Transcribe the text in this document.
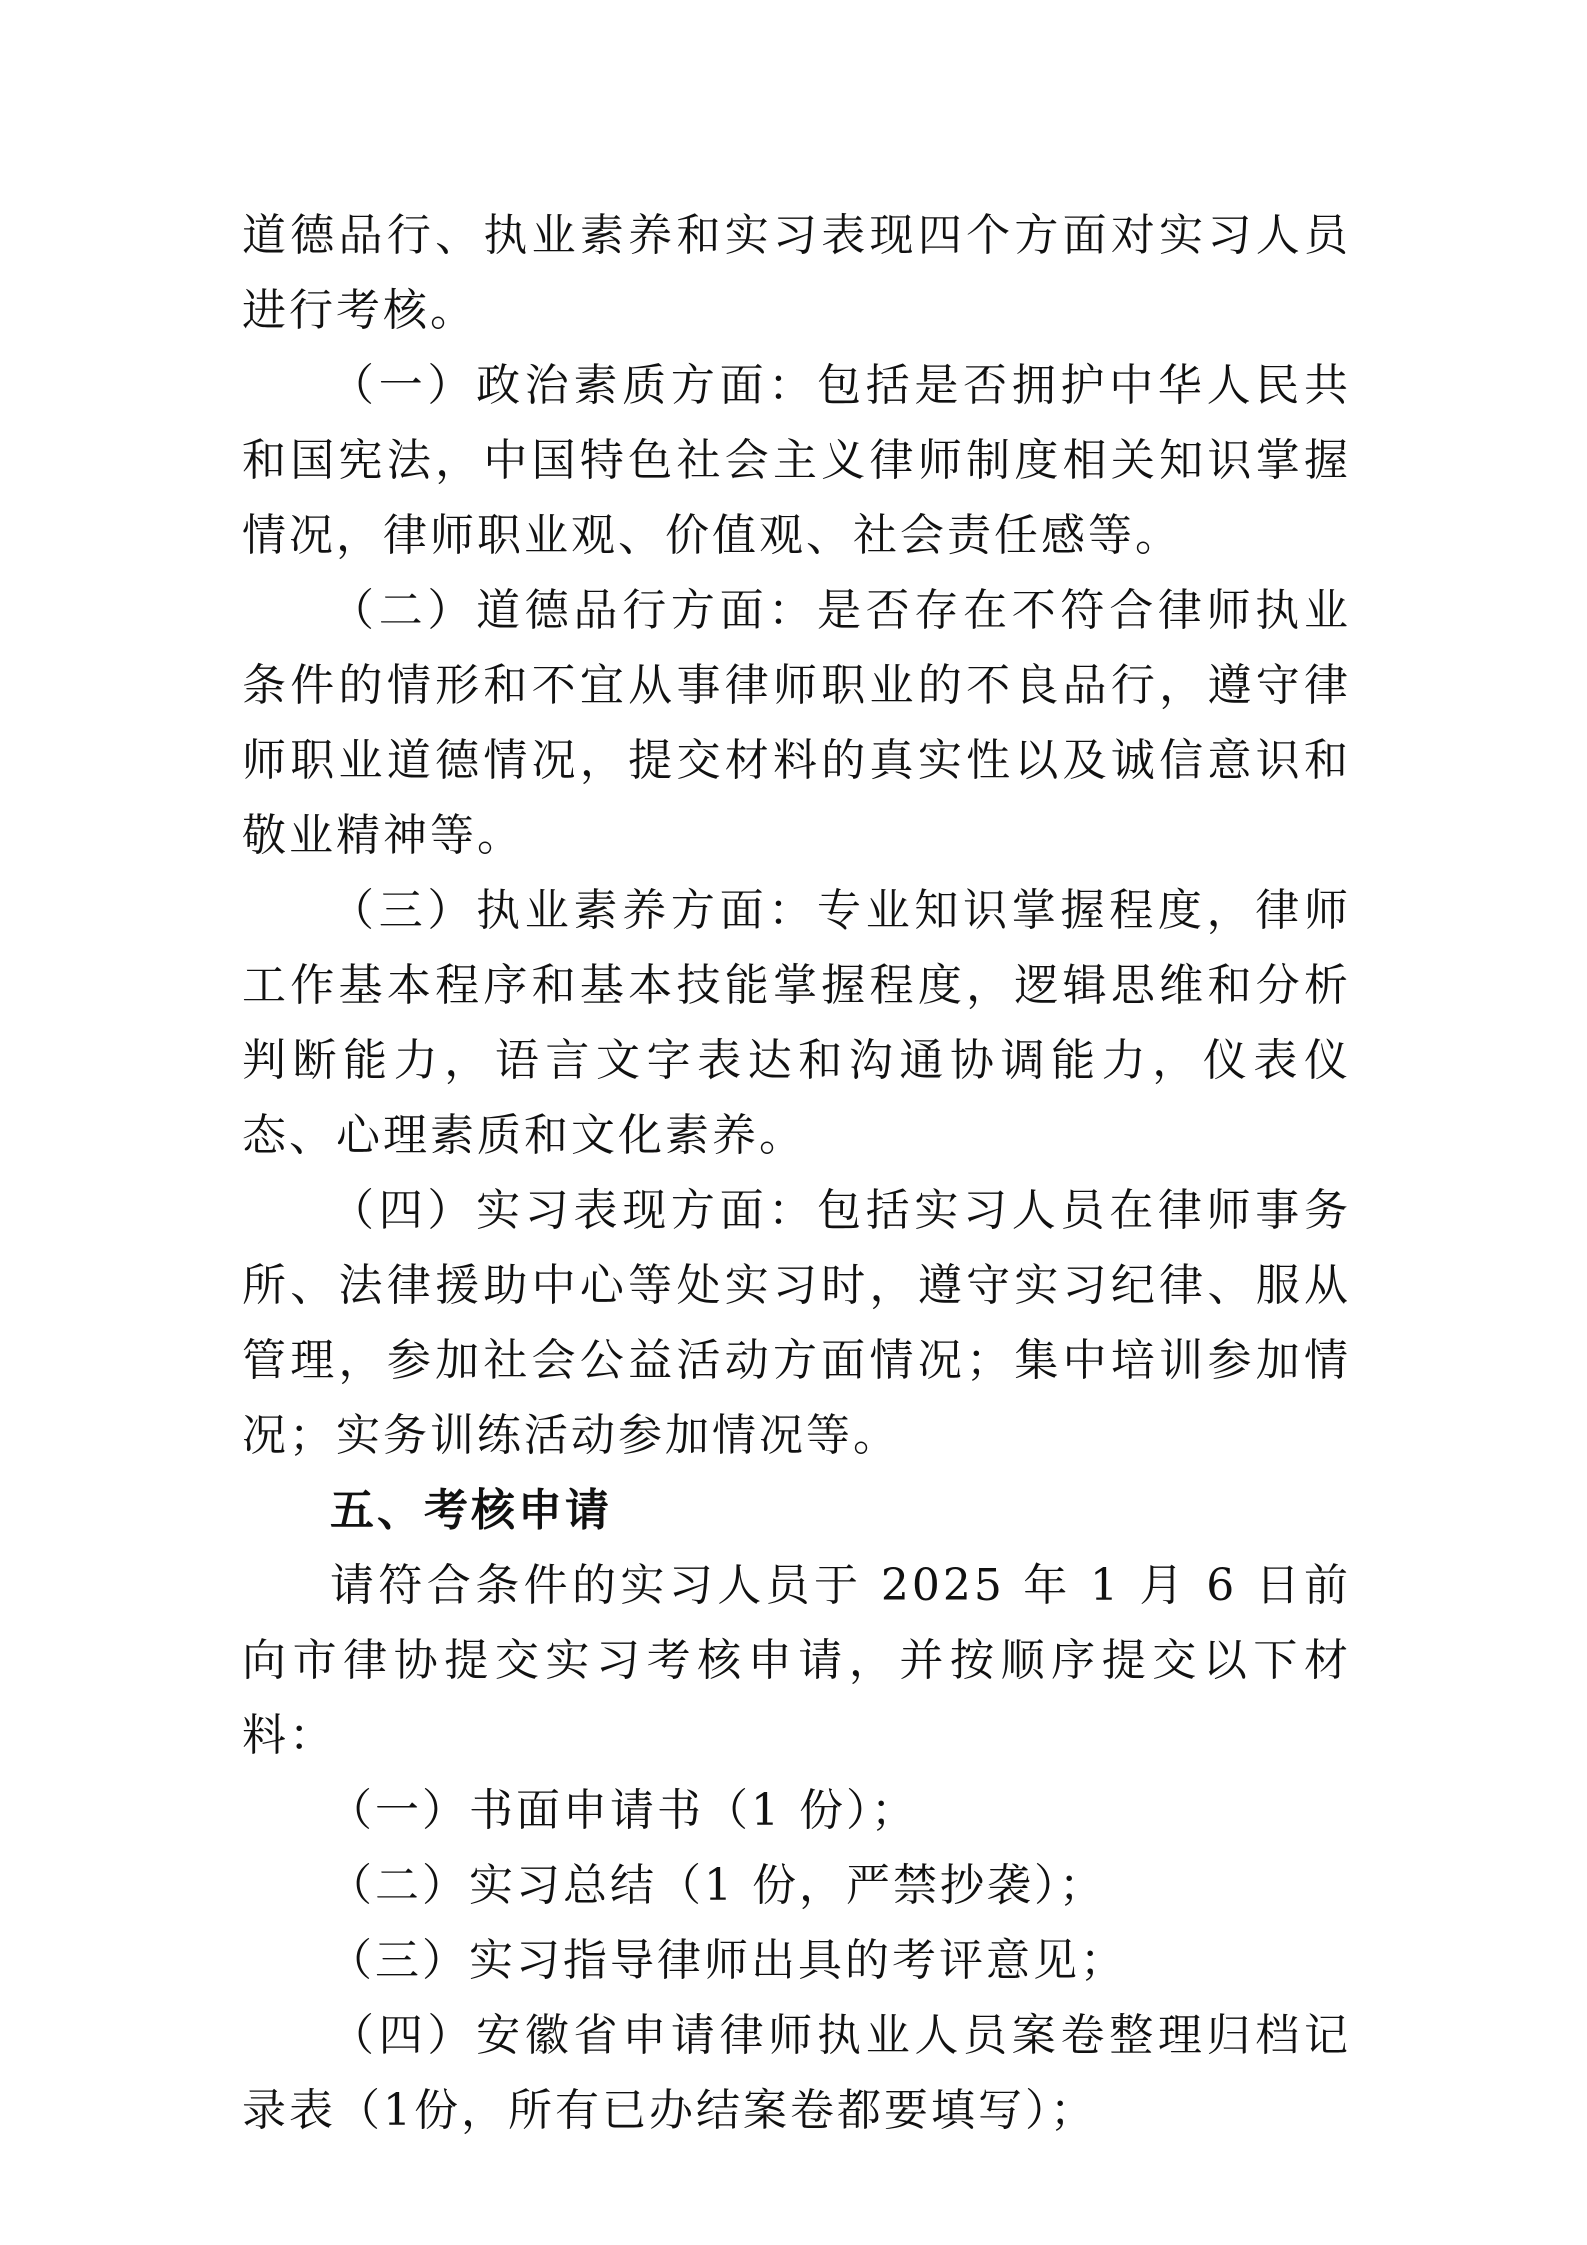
道德品行、执业素养和实习表现四个方面对实习人员进行考核。

（一）政治素质方面：包括是否拥护中华人民共和国宪法，中国特色社会主义律师制度相关知识掌握情况，律师职业观、价值观、社会责任感等。

（二）道德品行方面：是否存在不符合律师执业条件的情形和不宜从事律师职业的不良品行，遵守律师职业道德情况，提交材料的真实性以及诚信意识和敬业精神等。

（三）执业素养方面：专业知识掌握程度，律师工作基本程序和基本技能掌握程度，逻辑思维和分析判断能力，语言文字表达和沟通协调能力，仪表仪态、心理素质和文化素养。

（四）实习表现方面：包括实习人员在律师事务所、法律援助中心等处实习时，遵守实习纪律、服从管理，参加社会公益活动方面情况；集中培训参加情况；实务训练活动参加情况等。

五、考核申请

请符合条件的实习人员于 2025 年 1 月 6 日前向市律协提交实习考核申请，并按顺序提交以下材料：

（一）书面申请书（1 份）；

（二）实习总结（1 份，严禁抄袭）；

（三）实习指导律师出具的考评意见；

（四）安徽省申请律师执业人员案卷整理归档记录表（1份，所有已办结案卷都要填写）；
